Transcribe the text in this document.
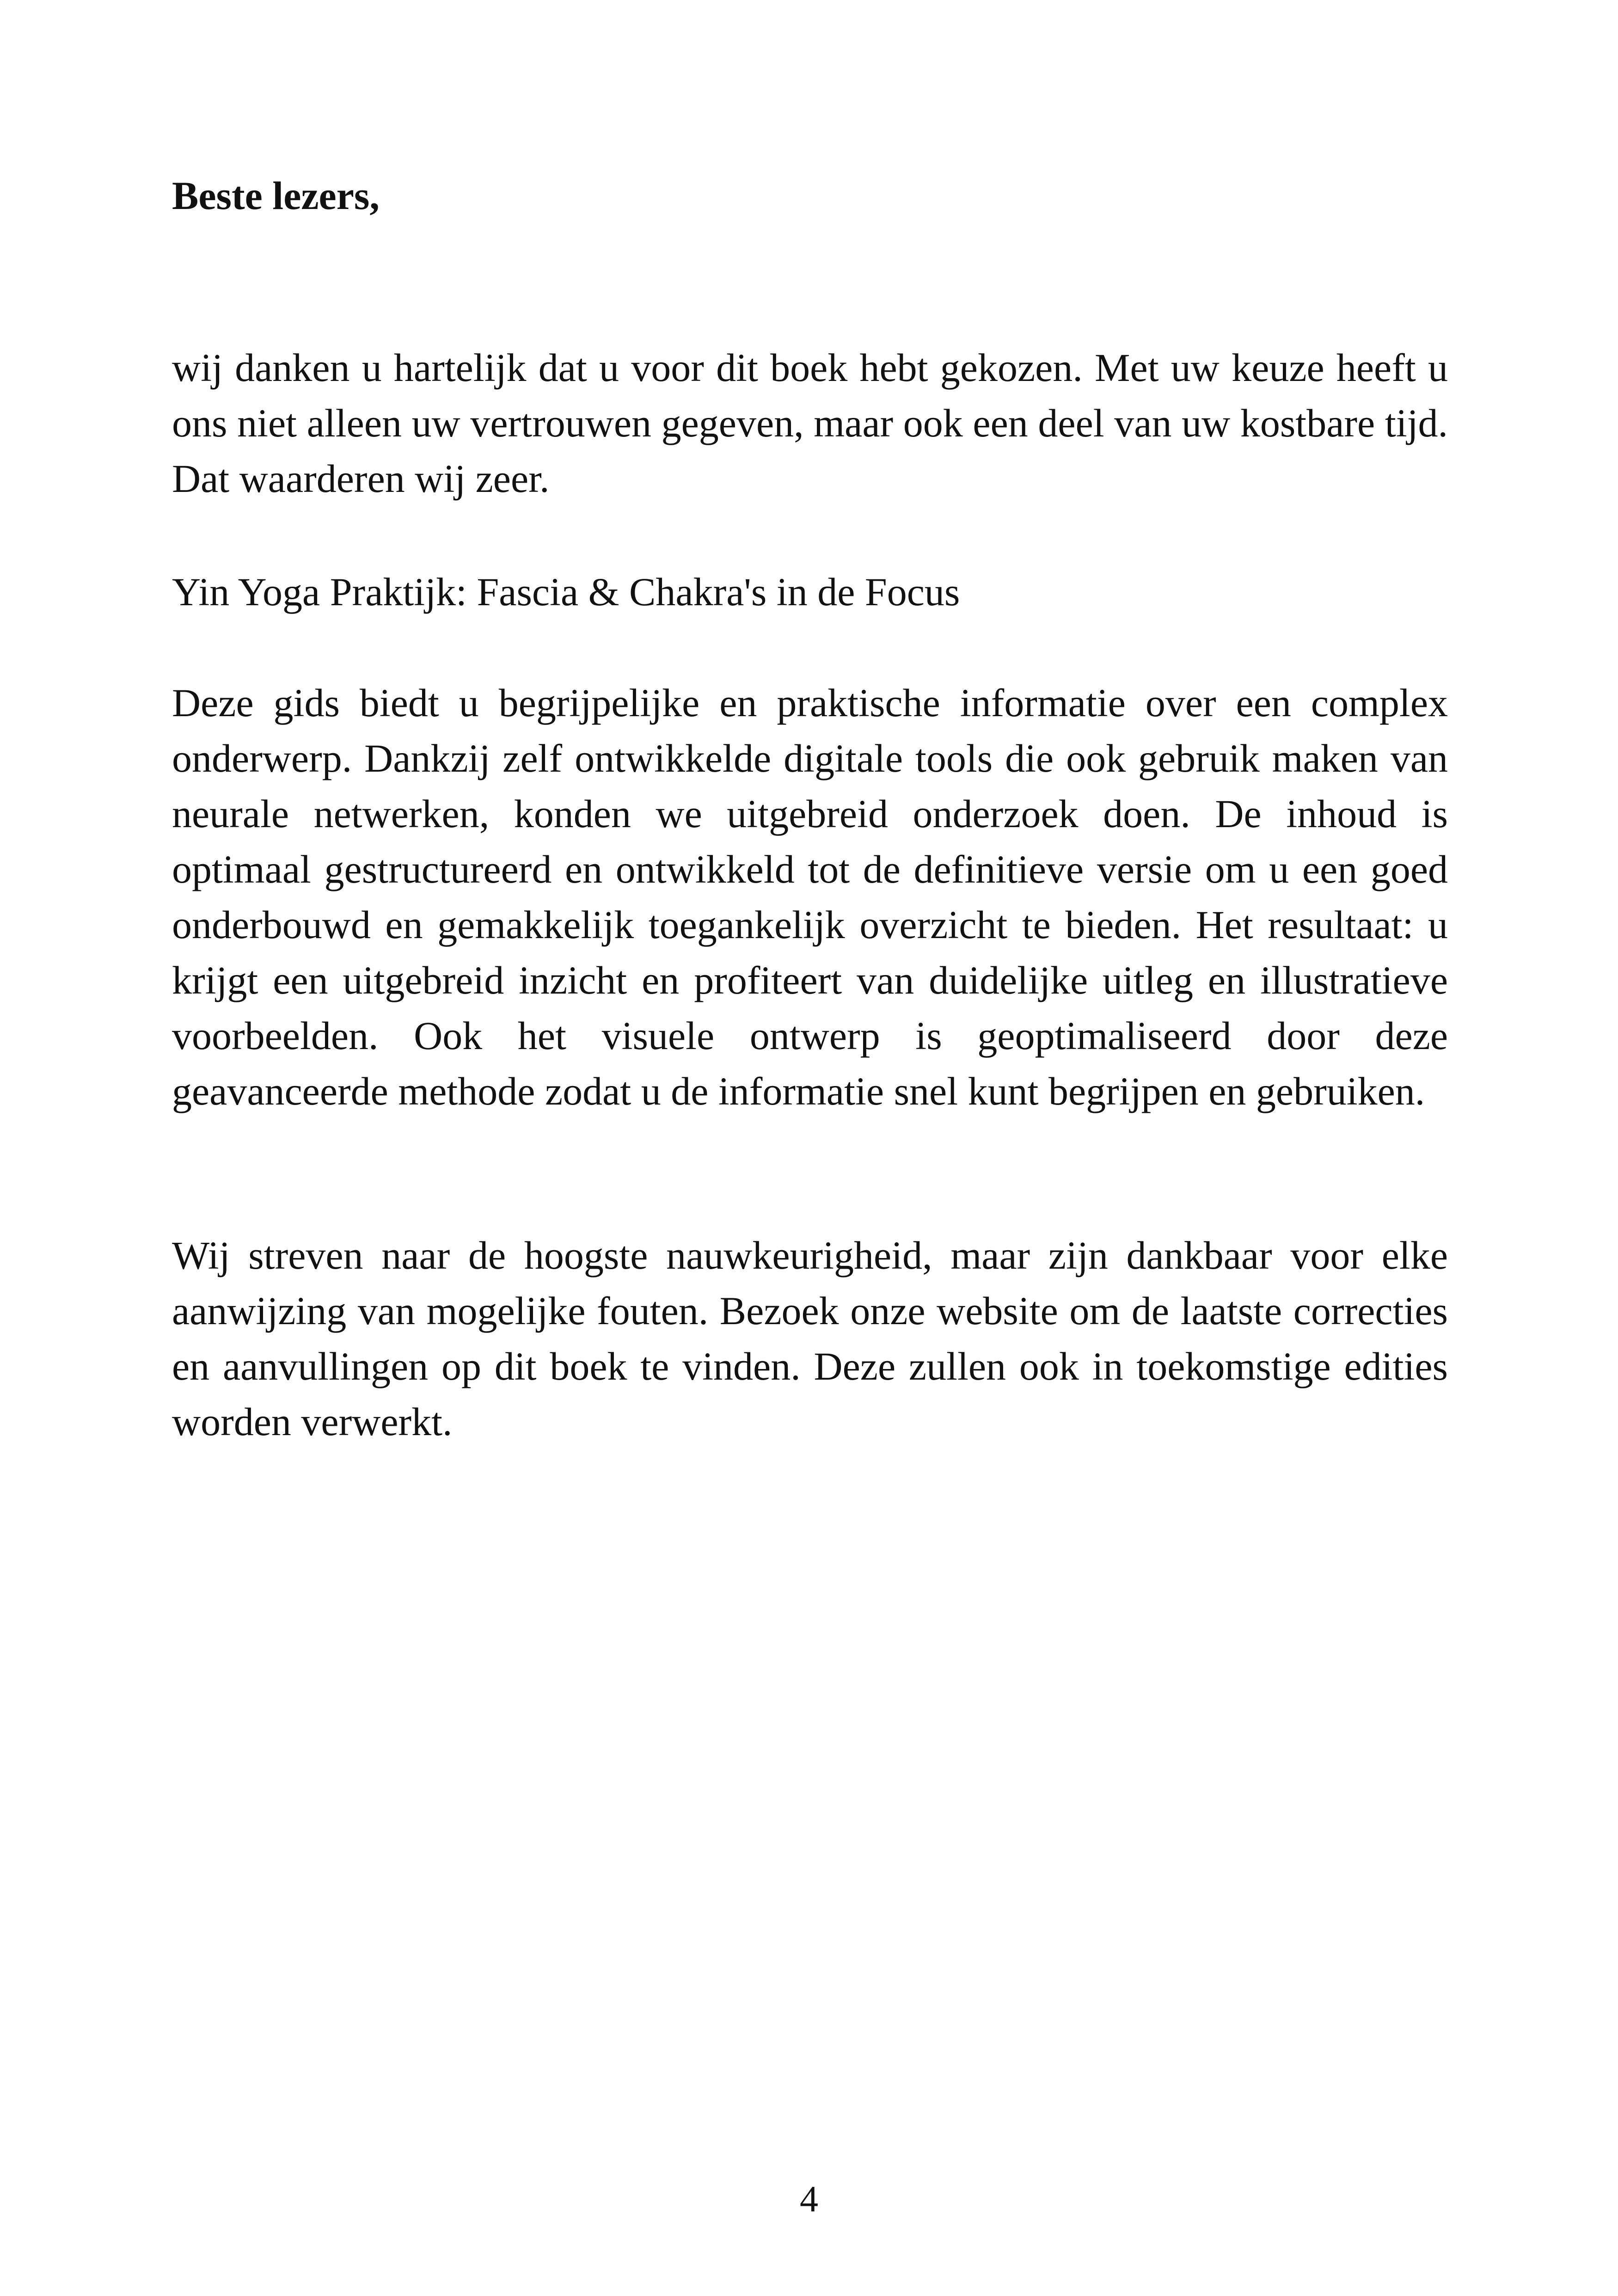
Beste lezers,

wij danken u hartelijk dat u voor dit boek hebt gekozen. Met uw keuze heeft u ons niet alleen uw vertrouwen gegeven, maar ook een deel van uw kostbare tijd. Dat waarderen wij zeer.

Yin Yoga Praktijk: Fascia & Chakra's in de Focus

Deze gids biedt u begrijpelijke en praktische informatie over een complex onderwerp. Dankzij zelf ontwikkelde digitale tools die ook gebruik maken van neurale netwerken, konden we uitgebreid onderzoek doen. De inhoud is optimaal gestructureerd en ontwikkeld tot de definitieve versie om u een goed onderbouwd en gemakkelijk toegankelijk overzicht te bieden. Het resultaat: u krijgt een uitgebreid inzicht en profiteert van duidelijke uitleg en illustratieve voorbeelden. Ook het visuele ontwerp is geoptimaliseerd door deze geavanceerde methode zodat u de informatie snel kunt begrijpen en gebruiken.

Wij streven naar de hoogste nauwkeurigheid, maar zijn dankbaar voor elke aanwijzing van mogelijke fouten. Bezoek onze website om de laatste correcties en aanvullingen op dit boek te vinden. Deze zullen ook in toekomstige edities worden verwerkt.

4
